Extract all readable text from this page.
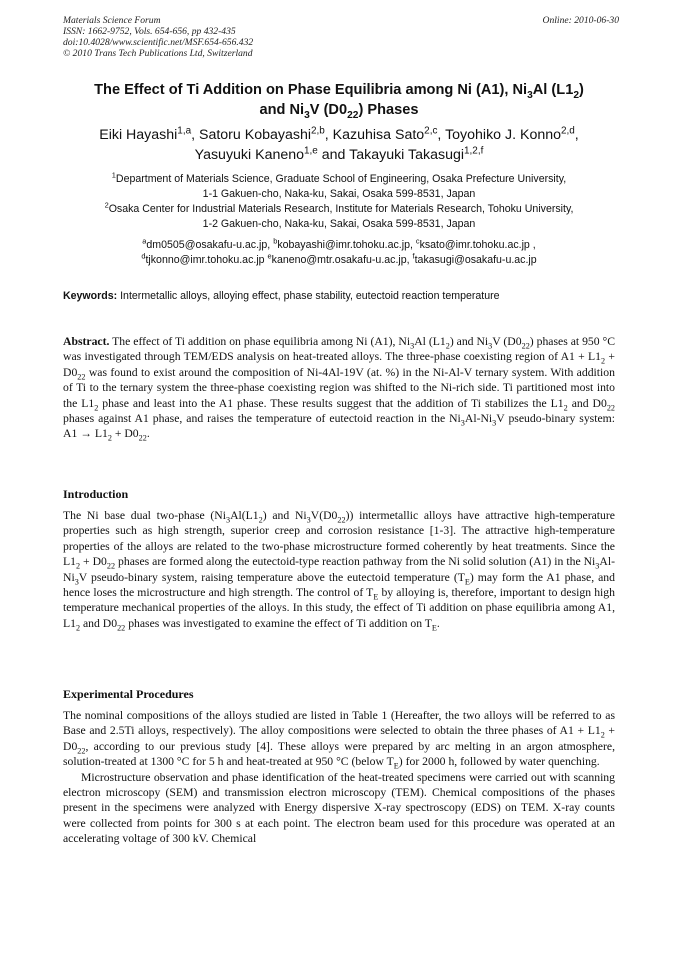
Materials Science Forum
ISSN: 1662-9752, Vols. 654-656, pp 432-435
doi:10.4028/www.scientific.net/MSF.654-656.432
© 2010 Trans Tech Publications Ltd, Switzerland
Online: 2010-06-30
The Effect of Ti Addition on Phase Equilibria among Ni (A1), $Ni_3Al$ $(L1_2)$
and $Ni_3V$ $(D0_{22})$ Phases
Eiki Hayashi$^{1,a}$, Satoru Kobayashi$^{2,b}$, Kazuhisa Sato$^{2,c}$, Toyohiko J. Konno$^{2,d}$,
Yasuyuki Kaneno$^{1,e}$ and Takayuki Takasugi$^{1,2,f}$
$^1$Department of Materials Science, Graduate School of Engineering, Osaka Prefecture University,
1-1 Gakuen-cho, Naka-ku, Sakai, Osaka 599-8531, Japan
$^2$Osaka Center for Industrial Materials Research, Institute for Materials Research, Tohoku University,
1-2 Gakuen-cho, Naka-ku, Sakai, Osaka 599-8531, Japan
$^a$dm0505@osakafu-u.ac.jp, $^b$kobayashi@imr.tohoku.ac.jp, $^c$ksato@imr.tohoku.ac.jp ,
$^d$tjkonno@imr.tohoku.ac.jp $^e$kaneno@mtr.osakafu-u.ac.jp, $^f$takasugi@osakafu-u.ac.jp
Keywords: Intermetallic alloys, alloying effect, phase stability, eutectoid reaction temperature
Abstract. The effect of Ti addition on phase equilibria among Ni (A1), $Ni_3Al$ $(L1_2)$ and $Ni_3V$ $(D0_{22})$ phases at 950 °C was investigated through TEM/EDS analysis on heat-treated alloys. The three-phase coexisting region of $A1 + L1_2 + D0_{22}$ was found to exist around the composition of Ni-4Al-19V (at. %) in the Ni-Al-V ternary system. With addition of Ti to the ternary system the three-phase coexisting region was shifted to the Ni-rich side. Ti partitioned most into the $L1_2$ phase and least into the A1 phase. These results suggest that the addition of Ti stabilizes the $L1_2$ and $D0_{22}$ phases against A1 phase, and raises the temperature of eutectoid reaction in the $Ni_3Al-Ni_3V$ pseudo-binary system: $A1 \to L1_2 + D0_{22}$.
Introduction
The Ni base dual two-phase ($Ni_3Al(L1_2)$ and $Ni_3V(D0_{22})$) intermetallic alloys have attractive high-temperature properties such as high strength, superior creep and corrosion resistance [1-3]. The attractive high-temperature properties of the alloys are related to the two-phase microstructure formed coherently by heat treatments. Since the $L1_2 + D0_{22}$ phases are formed along the eutectoid-type reaction pathway from the Ni solid solution (A1) in the $Ni_3Al-Ni_3V$ pseudo-binary system, raising temperature above the eutectoid temperature $(T_E)$ may form the A1 phase, and hence loses the microstructure and high strength. The control of $T_E$ by alloying is, therefore, important to design high temperature mechanical properties of the alloys. In this study, the effect of Ti addition on phase equilibria among A1, $L1_2$ and $D0_{22}$ phases was investigated to examine the effect of Ti addition on $T_E$.
Experimental Procedures

The nominal compositions of the alloys studied are listed in Table 1 (Hereafter, the two alloys will be referred to as Base and 2.5Ti alloys, respectively). The alloy compositions were selected to obtain the three phases of $A1 + L1_2 + D0_{22}$, according to our previous study [4]. These alloys were prepared by arc melting in an argon atmosphere, solution-treated at 1300 °C for 5 h and heat-treated at 950 °C (below $T_E$) for 2000 h, followed by water quenching.

Microstructure observation and phase identification of the heat-treated specimens were carried out with scanning electron microscopy (SEM) and transmission electron microscopy (TEM). Chemical compositions of the phases present in the specimens were analyzed with Energy dispersive X-ray spectroscopy (EDS) on TEM. X-ray counts were collected from points for 300 s at each point. The electron beam used for this procedure was operated at an accelerating voltage of 300 kV. Chemical
